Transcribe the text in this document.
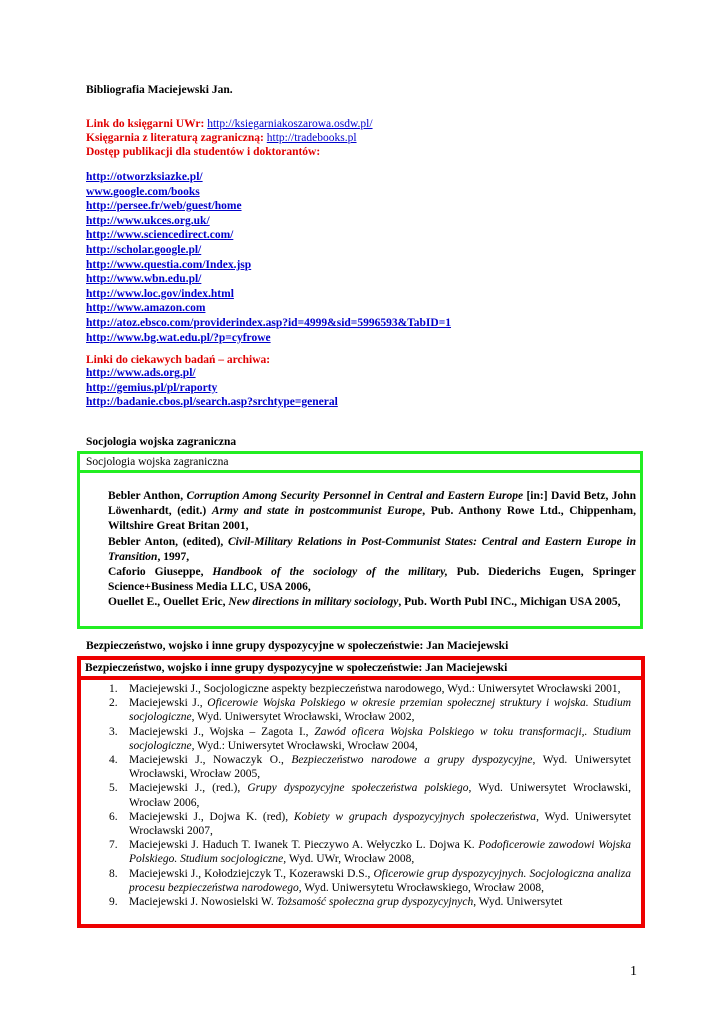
Bibliografia Maciejewski Jan.
Link do księgarni UWr: http://ksiegarniakoszarowa.osdw.pl/
Księgarnia z literaturą zagraniczną: http://tradebooks.pl
Dostęp publikacji dla studentów i doktorantów:
http://otworzksiazke.pl/
www.google.com/books
http://persee.fr/web/guest/home
http://www.ukces.org.uk/
http://www.sciencedirect.com/
http://scholar.google.pl/
http://www.questia.com/Index.jsp
http://www.wbn.edu.pl/
http://www.loc.gov/index.html
http://www.amazon.com
http://atoz.ebsco.com/providerindex.asp?id=4999&sid=5996593&TabID=1
http://www.bg.wat.edu.pl/?p=cyfrowe
Linki do ciekawych badań – archiwa:
http://www.ads.org.pl/
http://gemius.pl/pl/raporty
http://badanie.cbos.pl/search.asp?srchtype=general
Socjologia wojska zagraniczna
Socjologia wojska zagraniczna

Bebler Anthon, Corruption Among Security Personnel in Central and Eastern Europe [in:] David Betz, John Löwenhardt, (edit.) Army and state in postcommunist Europe, Pub. Anthony Rowe Ltd., Chippenham, Wiltshire Great Britan 2001,

Bebler Anton, (edited), Civil-Military Relations in Post-Communist States: Central and Eastern Europe in Transition, 1997,

Caforio Giuseppe, Handbook of the sociology of the military, Pub. Diederichs Eugen, Springer Science+Business Media LLC, USA 2006,

Ouellet E., Ouellet Eric, New directions in military sociology, Pub. Worth Publ INC., Michigan USA 2005,

Bezpieczeństwo, wojsko i inne grupy dyspozycyjne w społeczeństwie: Jan Maciejewski
Bezpieczeństwo, wojsko i inne grupy dyspozycyjne w społeczeństwie: Jan Maciejewski
1. Maciejewski J., Socjologiczne aspekty bezpieczeństwa narodowego, Wyd.: Uniwersytet Wrocławski 2001,
2. Maciejewski J., Oficerowie Wojska Polskiego w okresie przemian społecznej struktury i wojska. Studium socjologiczne, Wyd. Uniwersytet Wrocławski, Wrocław 2002,
3. Maciejewski J., Wojska – Zagota I., Zawód oficera Wojska Polskiego w toku transformacji,. Studium socjologiczne, Wyd.: Uniwersytet Wrocławski, Wrocław 2004,
4. Maciejewski J., Nowaczyk O., Bezpieczeństwo narodowe a grupy dyspozycyjne, Wyd. Uniwersytet Wrocławski, Wrocław 2005,
5. Maciejewski J., (red.), Grupy dyspozycyjne społeczeństwa polskiego, Wyd. Uniwersytet Wrocławski, Wrocław 2006,
6. Maciejewski J., Dojwa K. (red), Kobiety w grupach dyspozycyjnych społeczeństwa, Wyd. Uniwersytet Wrocławski 2007,
7. Maciejewski J. Haduch T. Iwanek T. Pieczywo A. Wełyczko L. Dojwa K. Podoficerowie zawodowi Wojska Polskiego. Studium socjologiczne, Wyd. UWr, Wrocław 2008,
8. Maciejewski J., Kołodziejczyk T., Kozerawski D.S., Oficerowie grup dyspozycyjnych. Socjologiczna analiza procesu bezpieczeństwa narodowego, Wyd. Uniwersytetu Wrocławskiego, Wrocław 2008,
9. Maciejewski J. Nowosielski W. Tożsamość społeczna grup dyspozycyjnych, Wyd. Uniwersytet
1
